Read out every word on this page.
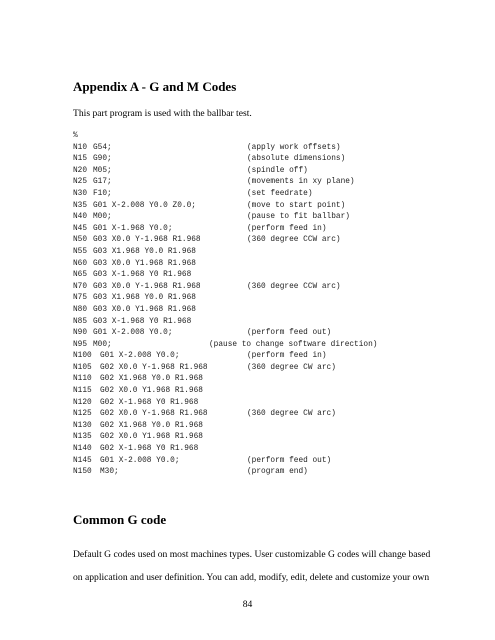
Appendix A - G and M Codes

This part program is used with the ballbar test.

%
N10 G54;	(apply work offsets)
N15 G90;	(absolute dimensions)
N20 M05;	(spindle off)
N25 G17;	(movements in xy plane)
N30 F10;	(set feedrate)
N35 G01 X-2.008 Y0.0 Z0.0;	(move to start point)
N40 M00;	(pause to fit ballbar)
N45 G01 X-1.968 Y0.0;	(perform feed in)
N50 G03 X0.0 Y-1.968 R1.968	(360 degree CCW arc)
N55 G03 X1.968 Y0.0 R1.968
N60 G03 X0.0 Y1.968 R1.968
N65 G03 X-1.968 Y0 R1.968
N70 G03 X0.0 Y-1.968 R1.968	(360 degree CCW arc)
N75 G03 X1.968 Y0.0 R1.968
N80 G03 X0.0 Y1.968 R1.968
N85 G03 X-1.968 Y0 R1.968
N90 G01 X-2.008 Y0.0;	(perform feed out)
N95 M00;	(pause to change software direction)
N100 G01 X-2.008 Y0.0;	(perform feed in)
N105 G02 X0.0 Y-1.968 R1.968	(360 degree CW arc)
N110 G02 X1.968 Y0.0 R1.968
N115 G02 X0.0 Y1.968 R1.968
N120 G02 X-1.968 Y0 R1.968
N125 G02 X0.0 Y-1.968 R1.968	(360 degree CW arc)
N130 G02 X1.968 Y0.0 R1.968
N135 G02 X0.0 Y1.968 R1.968
N140 G02 X-1.968 Y0 R1.968
N145 G01 X-2.008 Y0.0;	(perform feed out)
N150 M30;	(program end)
Common G code

Default G codes used on most machines types. User customizable G codes will change based
on application and user definition. You can add, modify, edit, delete and customize your own

84
